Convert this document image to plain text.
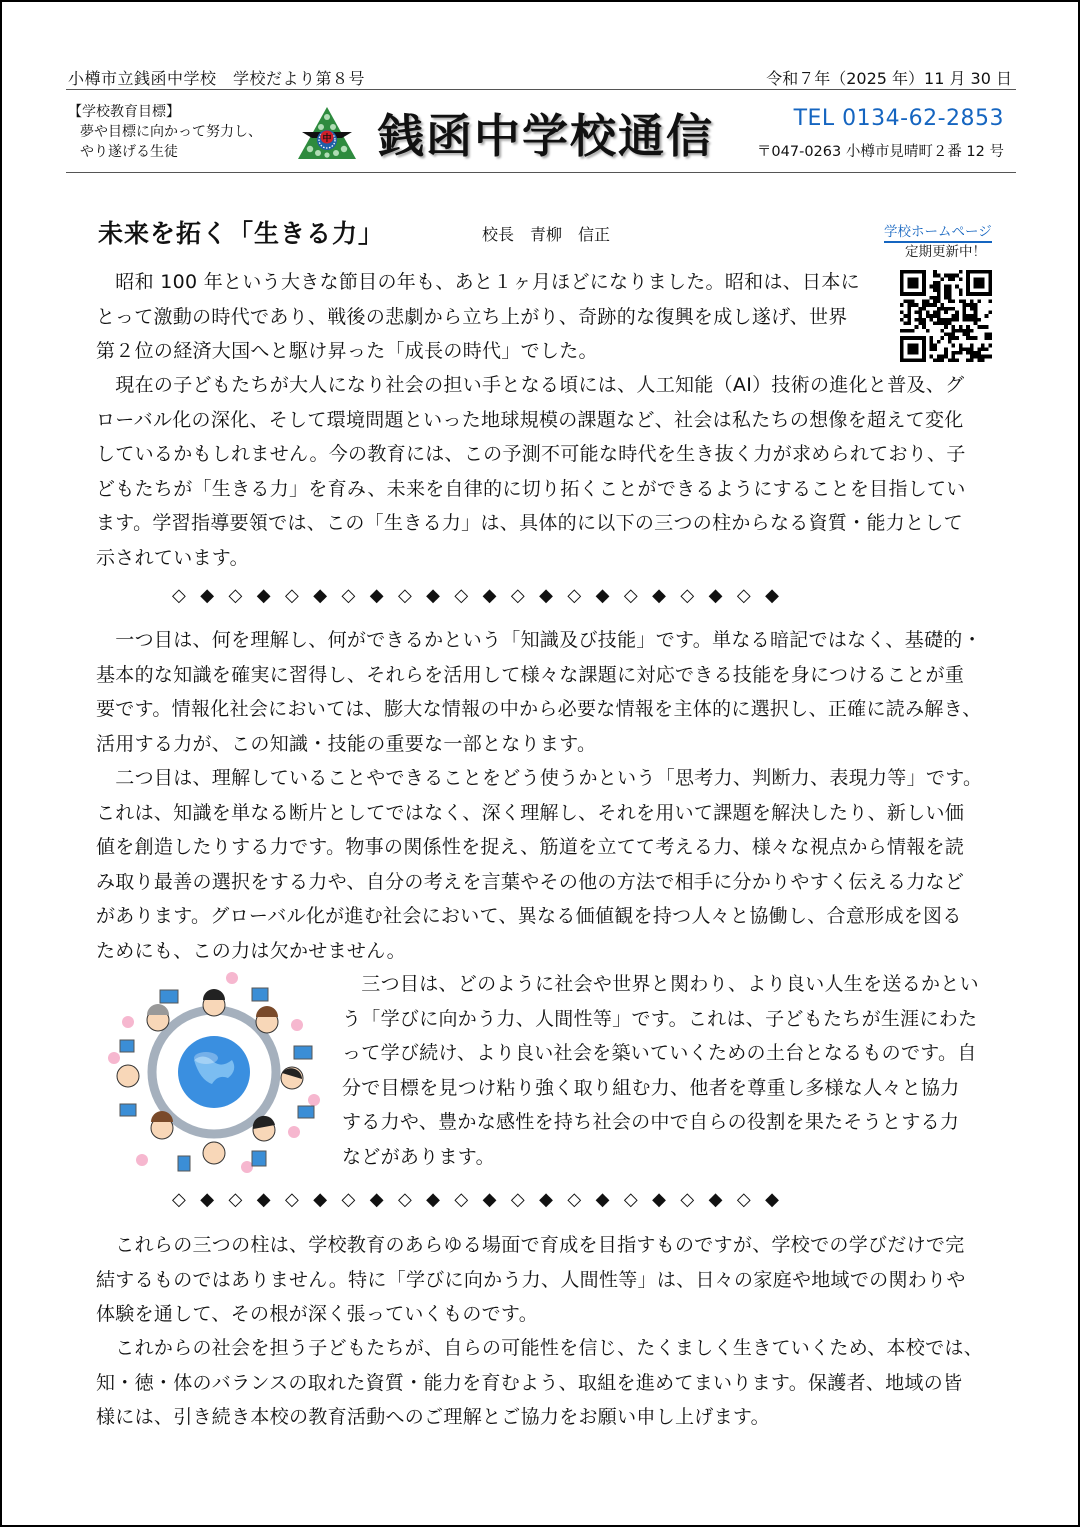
小樽市立銭函中学校　学校だより第８号	令和７年（2025 年）11 月 30 日
【学校教育目標】
夢や目標に向かって努力し、
やり遂げる生徒
中 銭函中学校通信	TEL 0134-62-2853
〒047-0263 小樽市見晴町２番 12 号
未来を拓く「生きる力」	校長　青柳　信正	学校ホームページ
定期更新中！
　昭和 100 年という大きな節目の年も、あと１ヶ月ほどになりました。昭和は、日本に
とって激動の時代であり、戦後の悲劇から立ち上がり、奇跡的な復興を成し遂げ、世界
第２位の経済大国へと駆け昇った「成長の時代」でした。
　現在の子どもたちが大人になり社会の担い手となる頃には、人工知能（AI）技術の進化と普及、グ
ローバル化の深化、そして環境問題といった地球規模の課題など、社会は私たちの想像を超えて変化
しているかもしれません。今の教育には、この予測不可能な時代を生き抜く力が求められており、子
どもたちが「生きる力」を育み、未来を自律的に切り拓くことができるようにすることを目指してい
ます。学習指導要領では、この「生きる力」は、具体的に以下の三つの柱からなる資質・能力として
示されています。
◇◆◇◆◇◆◇◆◇◆◇◆◇◆◇◆◇◆◇◆◇◆
　一つ目は、何を理解し、何ができるかという「知識及び技能」です。単なる暗記ではなく、基礎的・
基本的な知識を確実に習得し、それらを活用して様々な課題に対応できる技能を身につけることが重
要です。情報化社会においては、膨大な情報の中から必要な情報を主体的に選択し、正確に読み解き、
活用する力が、この知識・技能の重要な一部となります。
　二つ目は、理解していることやできることをどう使うかという「思考力、判断力、表現力等」です。
これは、知識を単なる断片としてではなく、深く理解し、それを用いて課題を解決したり、新しい価
値を創造したりする力です。物事の関係性を捉え、筋道を立てて考える力、様々な視点から情報を読
み取り最善の選択をする力や、自分の考えを言葉やその他の方法で相手に分かりやすく伝える力など
があります。グローバル化が進む社会において、異なる価値観を持つ人々と協働し、合意形成を図る
ためにも、この力は欠かせません。
　三つ目は、どのように社会や世界と関わり、より良い人生を送るかとい
う「学びに向かう力、人間性等」です。これは、子どもたちが生涯にわた
って学び続け、より良い社会を築いていくための土台となるものです。自
分で目標を見つけ粘り強く取り組む力、他者を尊重し多様な人々と協力
する力や、豊かな感性を持ち社会の中で自らの役割を果たそうとする力
などがあります。
◇◆◇◆◇◆◇◆◇◆◇◆◇◆◇◆◇◆◇◆◇◆
　これらの三つの柱は、学校教育のあらゆる場面で育成を目指すものですが、学校での学びだけで完
結するものではありません。特に「学びに向かう力、人間性等」は、日々の家庭や地域での関わりや
体験を通して、その根が深く張っていくものです。
　これからの社会を担う子どもたちが、自らの可能性を信じ、たくましく生きていくため、本校では、
知・徳・体のバランスの取れた資質・能力を育むよう、取組を進めてまいります。保護者、地域の皆
様には、引き続き本校の教育活動へのご理解とご協力をお願い申し上げます。
